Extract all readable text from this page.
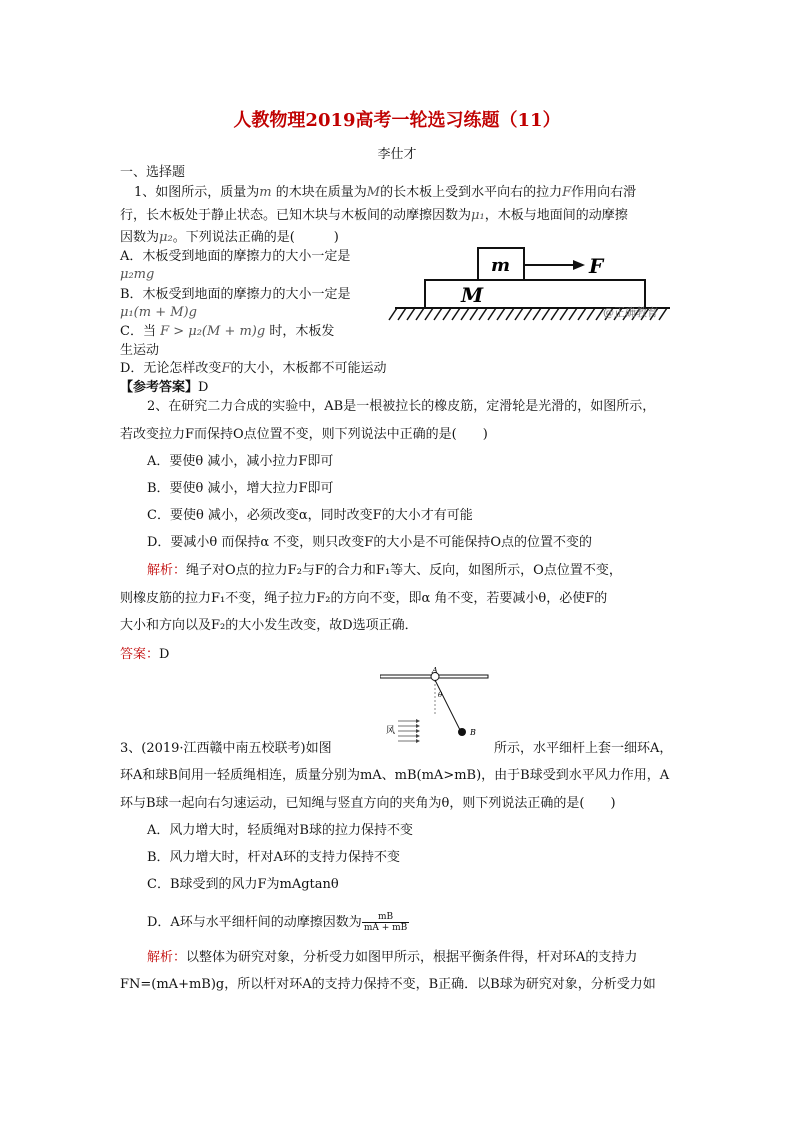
人教物理2019高考一轮选习练题（11）
李仕才
一、选择题
1、如图所示，质量为m 的木块在质量为M的长木板上受到水平向右的拉力F作用向右滑
行，长木板处于静止状态。已知木块与木板间的动摩擦因数为μ₁，木板与地面间的动摩擦
因数为μ₂。下列说法正确的是(　　　)
A．木板受到地面的摩擦力的大小一定是
μ₂mg
B．木板受到地面的摩擦力的大小一定是
μ₁(m + M)g
C．当 F > μ₂(M + m)g 时，木板发
生运动
D．无论怎样改变F的大小，木板都不可能运动
【参考答案】D
m	F
M
@正确教育
2、在研究二力合成的实验中，AB是一根被拉长的橡皮筋，定滑轮是光滑的，如图所示，
若改变拉力F而保持O点位置不变，则下列说法中正确的是(　　)
A．要使θ 减小，减小拉力F即可
B．要使θ 减小，增大拉力F即可
C．要使θ 减小，必须改变α，同时改变F的大小才有可能
D．要减小θ 而保持α 不变，则只改变F的大小是不可能保持O点的位置不变的
解析：绳子对O点的拉力F₂与F的合力和F₁等大、反向，如图所示，O点位置不变，
则橡皮筋的拉力F₁不变，绳子拉力F₂的方向不变，即α 角不变，若要减小θ，必使F的
大小和方向以及F₂的大小发生改变，故D选项正确．
答案：D
A
θ
B
风
3、(2019·江西赣中南五校联考)如图	所示，水平细杆上套一细环A，
环A和球B间用一轻质绳相连，质量分别为mA、mB(mA>mB)，由于B球受到水平风力作用，A
环与B球一起向右匀速运动，已知绳与竖直方向的夹角为θ，则下列说法正确的是(　　)
A．风力增大时，轻质绳对B球的拉力保持不变
B．风力增大时，杆对A环的支持力保持不变
C．B球受到的风力F为mAgtanθ
D．A环与水平细杆间的动摩擦因数为 $\frac{mB}{mA + mB}$
解析：以整体为研究对象，分析受力如图甲所示，根据平衡条件得，杆对环A的支持力
FN=(mA+mB)g，所以杆对环A的支持力保持不变，B正确．以B球为研究对象，分析受力如
